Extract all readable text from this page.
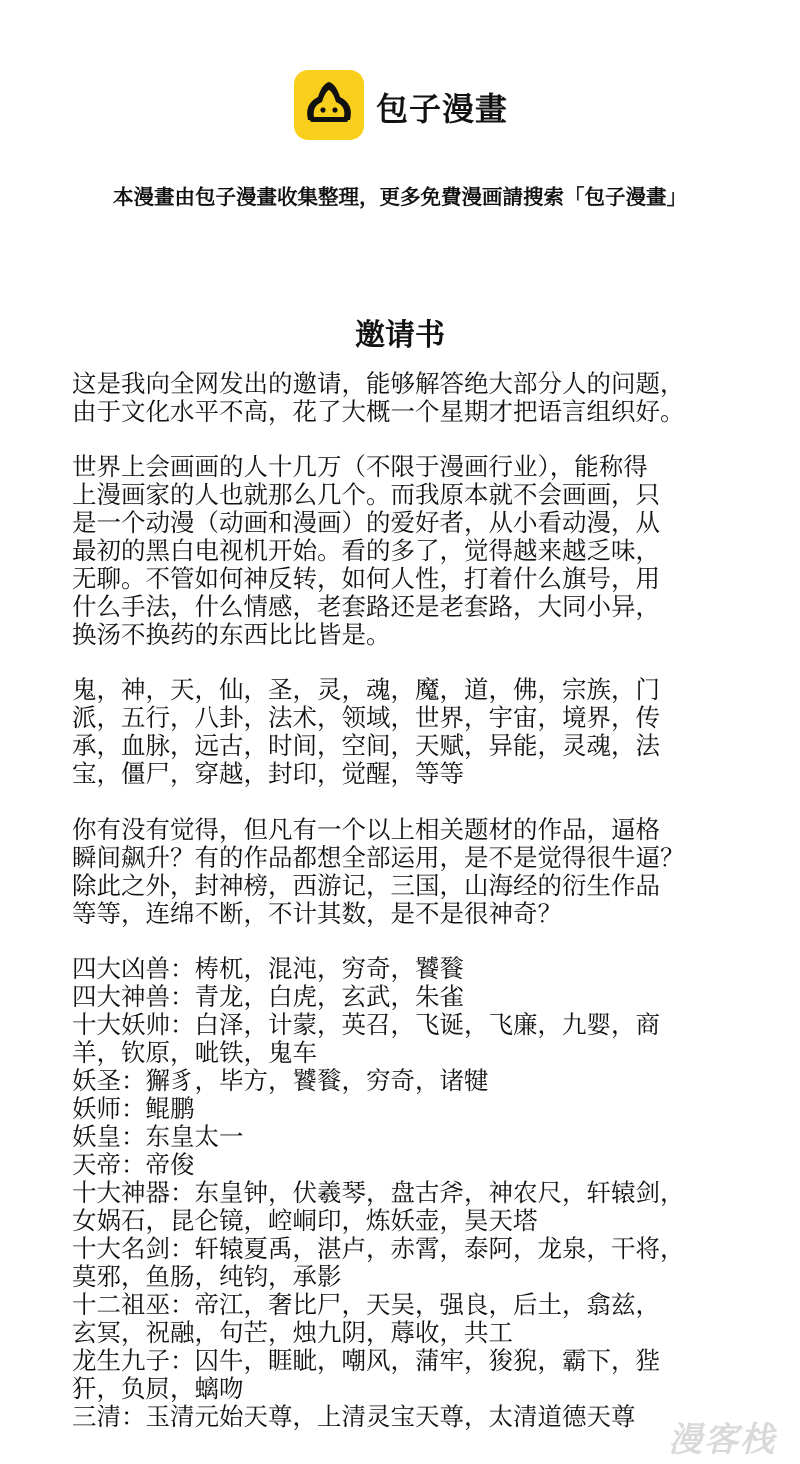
包子漫畫
本漫畫由包子漫畫收集整理，更多免費漫画請搜索「包子漫畫」
邀请书
这是我向全网发出的邀请，能够解答绝大部分人的问题，
由于文化水平不高，花了大概一个星期才把语言组织好。
世界上会画画的人十几万（不限于漫画行业），能称得
上漫画家的人也就那么几个。而我原本就不会画画，只
是一个动漫（动画和漫画）的爱好者，从小看动漫，从
最初的黑白电视机开始。看的多了，觉得越来越乏味，
无聊。不管如何神反转，如何人性，打着什么旗号，用
什么手法，什么情感，老套路还是老套路，大同小异，
换汤不换药的东西比比皆是。
鬼，神，天，仙，圣，灵，魂，魔，道，佛，宗族，门
派，五行，八卦，法术，领域，世界，宇宙，境界，传
承，血脉，远古，时间，空间，天赋，异能，灵魂，法
宝，僵尸，穿越，封印，觉醒，等等
你有没有觉得，但凡有一个以上相关题材的作品，逼格
瞬间飙升？有的作品都想全部运用，是不是觉得很牛逼？
除此之外，封神榜，西游记，三国，山海经的衍生作品
等等，连绵不断，不计其数，是不是很神奇？
四大凶兽：梼杌，混沌，穷奇，饕餮
四大神兽：青龙，白虎，玄武，朱雀
十大妖帅：白泽，计蒙，英召，飞诞，飞廉，九婴，商
羊，钦原，呲铁，鬼车
妖圣：獬豸，毕方，饕餮，穷奇，诸犍
妖师：鲲鹏
妖皇：东皇太一
天帝：帝俊
十大神器：东皇钟，伏羲琴，盘古斧，神农尺，轩辕剑，
女娲石，昆仑镜，崆峒印，炼妖壶，昊天塔
十大名剑：轩辕夏禹，湛卢，赤霄，泰阿，龙泉，干将，
莫邪，鱼肠，纯钧，承影
十二祖巫：帝江，奢比尸，天吴，强良，后土，翕兹，
玄冥，祝融，句芒，烛九阴，蓐收，共工
龙生九子：囚牛，睚眦，嘲风，蒲牢，狻猊，霸下，狴
犴，负屃，螭吻
三清：玉清元始天尊，上清灵宝天尊，太清道德天尊
漫客栈
